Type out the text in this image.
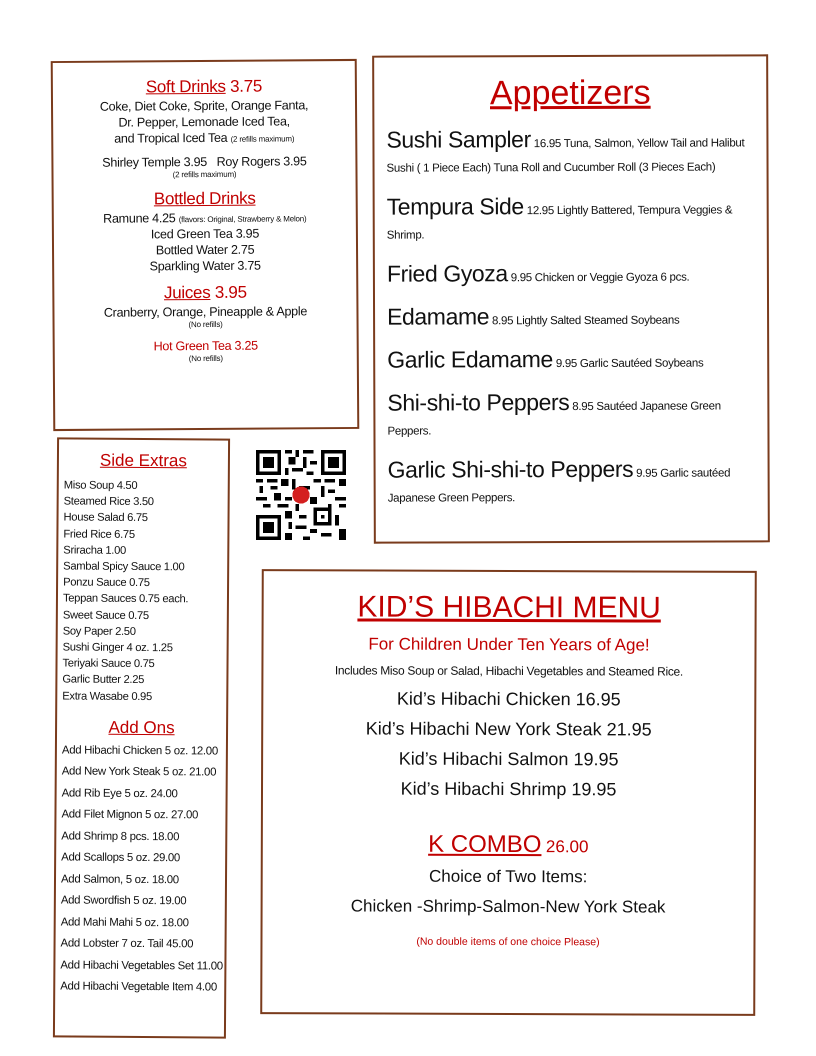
Soft Drinks 3.75

Coke, Diet Coke, Sprite, Orange Fanta,

Dr. Pepper, Lemonade Iced Tea,

and Tropical Iced Tea (2 refills maximum)

Shirley Temple 3.95   Roy Rogers 3.95

(2 refills maximum)

Bottled Drinks

Ramune 4.25 (flavors: Original, Strawberry & Melon)

Iced Green Tea 3.95

Bottled Water 2.75

Sparkling Water 3.75

Juices 3.95

Cranberry, Orange, Pineapple & Apple

(No refills)

Hot Green Tea 3.25

(No refills)

Side Extras
Miso Soup 4.50
Steamed Rice 3.50
House Salad 6.75
Fried Rice 6.75
Sriracha 1.00
Sambal Spicy Sauce 1.00
Ponzu Sauce 0.75
Teppan Sauces 0.75 each.
Sweet Sauce 0.75
Soy Paper 2.50
Sushi Ginger 4 oz. 1.25
Teriyaki Sauce 0.75
Garlic Butter 2.25
Extra Wasabe 0.95
Add Ons
Add Hibachi Chicken 5 oz. 12.00
Add New York Steak 5 oz. 21.00
Add Rib Eye 5 oz. 24.00
Add Filet Mignon 5 oz. 27.00
Add Shrimp 8 pcs. 18.00
Add Scallops 5 oz. 29.00
Add Salmon, 5 oz. 18.00
Add Swordfish 5 oz. 19.00
Add Mahi Mahi 5 oz. 18.00
Add Lobster 7 oz. Tail 45.00
Add Hibachi Vegetables Set 11.00
Add Hibachi Vegetable Item 4.00
Appetizers
Sushi Sampler 16.95 Tuna, Salmon, Yellow Tail and Halibut Sushi ( 1 Piece Each) Tuna Roll and Cucumber Roll (3 Pieces Each)
Tempura Side 12.95 Lightly Battered, Tempura Veggies & Shrimp.
Fried Gyoza 9.95 Chicken or Veggie Gyoza 6 pcs.
Edamame 8.95 Lightly Salted Steamed Soybeans
Garlic Edamame 9.95 Garlic Sautéed Soybeans
Shi-shi-to Peppers 8.95 Sautéed Japanese Green Peppers.
Garlic Shi-shi-to Peppers 9.95 Garlic sautéed Japanese Green Peppers.
KID’S HIBACHI MENU
For Children Under Ten Years of Age!
Includes Miso Soup or Salad, Hibachi Vegetables and Steamed Rice.
Kid’s Hibachi Chicken 16.95
Kid’s Hibachi New York Steak 21.95
Kid’s Hibachi Salmon 19.95
Kid’s Hibachi Shrimp 19.95
K COMBO 26.00
Choice of Two Items:
Chicken -Shrimp-Salmon-New York Steak
(No double items of one choice Please)
